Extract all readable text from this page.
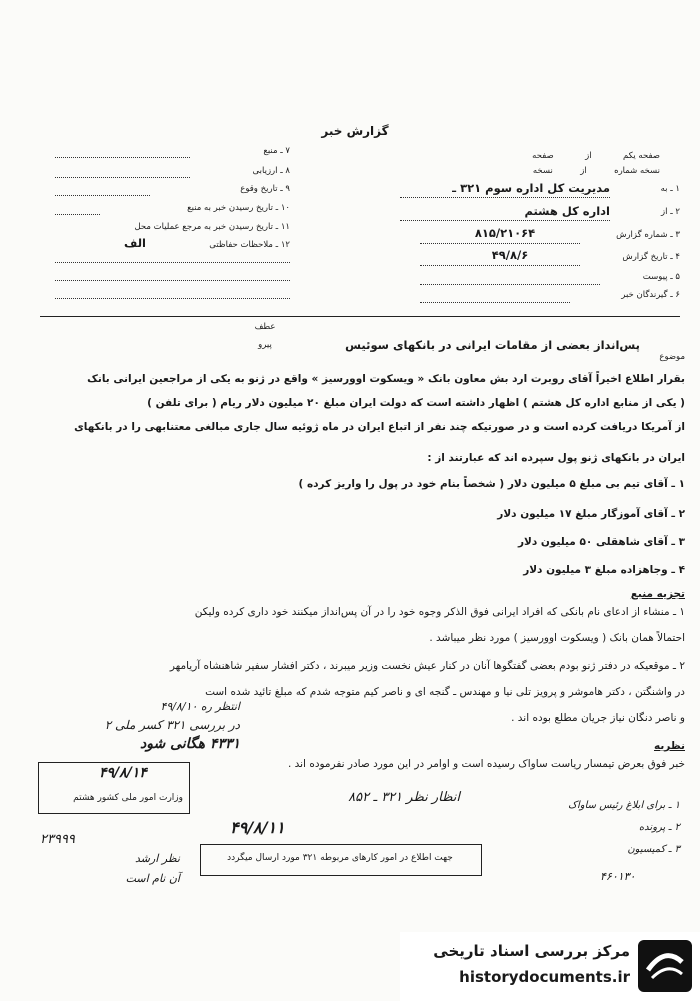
گزارش خبر
صفحه یکم  از  صفحه
نسخه شماره  از  نسخه
۱ ـ به
مدیریت کل اداره سوم ۳۲۱ ـ
۲ ـ از
اداره کل هشتم
۳ ـ شماره گزارش
۸۱۵/۲۱۰۶۴
۴ ـ تاریخ گزارش
۴۹/۸/۶
۵ ـ پیوست
۶ ـ گیرندگان خبر
۷ ـ منبع
۸ ـ ارزیابی
۹ ـ تاریخ وقوع
۱۰ ـ تاریخ رسیدن خبر به منبع
۱۱ ـ تاریخ رسیدن خبر به مرجع عملیات محل
۱۲ ـ ملاحظات حفاظتی
الف
عطف
پیرو
موضوع
پس‌انداز بعضی از مقامات ایرانی در بانکهای سوئیس
بقرار اطلاع اخیراً آقای روبرت ارد بش معاون بانک « ویسکوت اوورسیز » واقع در ژنو به یکی از مراجعین ایرانی بانک
( یکی از منابع اداره کل هشتم ) اظهار داشته است که دولت ایران مبلغ ۲۰ میلیون دلار ریام ( برای تلفن )
از آمریکا دریافت کرده است و در صورتیکه چند نفر از اتباع ایران در ماه ژوئیه سال جاری مبالغی معتنابهی را در بانکهای
ایران در بانکهای ژنو پول سپرده اند که عبارتند از :
۱ ـ آقای تیم بی مبلغ ۵ میلیون دلار ( شخصاً بنام خود در پول را واریز کرده )
۲ ـ آقای آموزگار مبلغ ۱۷ میلیون دلار
۳ ـ آقای شاهقلی ۵۰ میلیون دلار
۴ ـ وجاهزاده مبلغ ۳ میلیون دلار
تجزیه منبع
۱ ـ منشاء از ادعای نام بانکی که افراد ایرانی فوق الذکر وجوه خود را در آن پس‌انداز میکنند خود داری کرده ولیکن
احتمالاً همان بانک ( ویسکوت اوورسیز ) مورد نظر میباشد .
۲ ـ موقعیکه در دفتر ژنو بودم بعضی گفتگوها آنان در کنار عیش نخست وزیر میبرند ، دکتر افشار سفیر شاهنشاه آریامهر
در واشنگتن ، دکتر هاموشر و پرویز تلی نیا و مهندس ـ گنجه ای و ناصر کیم متوجه شدم که مبلغ تائید شده است
و ناصر دنگان نیاز جریان مطلع بوده اند .
انتظر ره ۴۹/۸/۱۰
در بررسی ۳۲۱ کسر ملی ۲
۴۳۳۱ هگانی شود	نظریه
خبر فوق بعرض تیمسار ریاست ساواک رسیده است و اوامر در این مورد صادر نفرموده اند .
۴۹/۸/۱۴
وزارت امور ملی کشور هشتم
۲۳۹۹۹
نظر ارشد
آن نام است
انظار نظر ۳۲۱ ـ ۸۵۲
۴۹/۸/۱۱
۱ ـ برای ابلاغ رئیس ساواک
۲ ـ پرونده
۳ ـ کمیسیون
۴۶۰۱۳۰
جهت اطلاع در امور کارهای مربوطه ۳۲۱ مورد ارسال میگردد
مرکز بررسی اسناد تاریخی
historydocuments.ir
